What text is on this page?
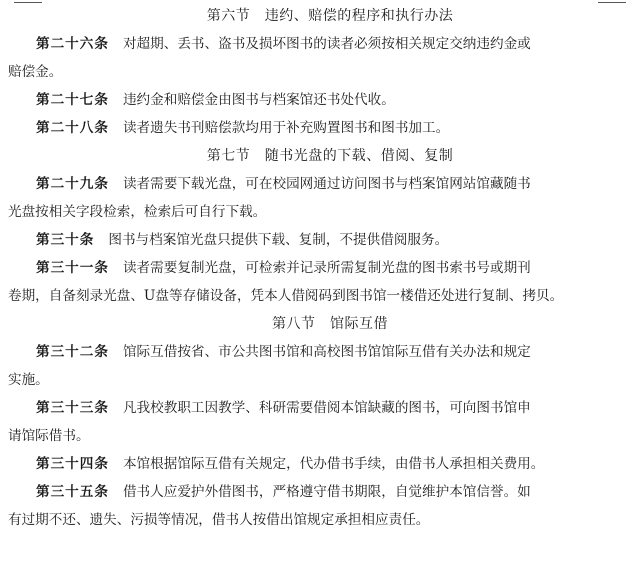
第六节　违约、赔偿的程序和执行办法

第二十六条 对超期、丢书、盗书及损坏图书的读者必须按相关规定交纳违约金或
赔偿金。

第二十七条 违约金和赔偿金由图书与档案馆还书处代收。

第二十八条 读者遗失书刊赔偿款均用于补充购置图书和图书加工。

第七节　随书光盘的下载、借阅、复制

第二十九条 读者需要下载光盘，可在校园网通过访问图书与档案馆网站馆藏随书
光盘按相关字段检索，检索后可自行下载。

第三十条 图书与档案馆光盘只提供下载、复制，不提供借阅服务。

第三十一条 读者需要复制光盘，可检索并记录所需复制光盘的图书索书号或期刊
卷期，自备刻录光盘、U盘等存储设备，凭本人借阅码到图书馆一楼借还处进行复制、拷贝。

第八节　馆际互借

第三十二条 馆际互借按省、市公共图书馆和高校图书馆馆际互借有关办法和规定
实施。

第三十三条 凡我校教职工因教学、科研需要借阅本馆缺藏的图书，可向图书馆申
请馆际借书。

第三十四条 本馆根据馆际互借有关规定，代办借书手续，由借书人承担相关费用。

第三十五条 借书人应爱护外借图书，严格遵守借书期限，自觉维护本馆信誉。如
有过期不还、遗失、污损等情况，借书人按借出馆规定承担相应责任。
